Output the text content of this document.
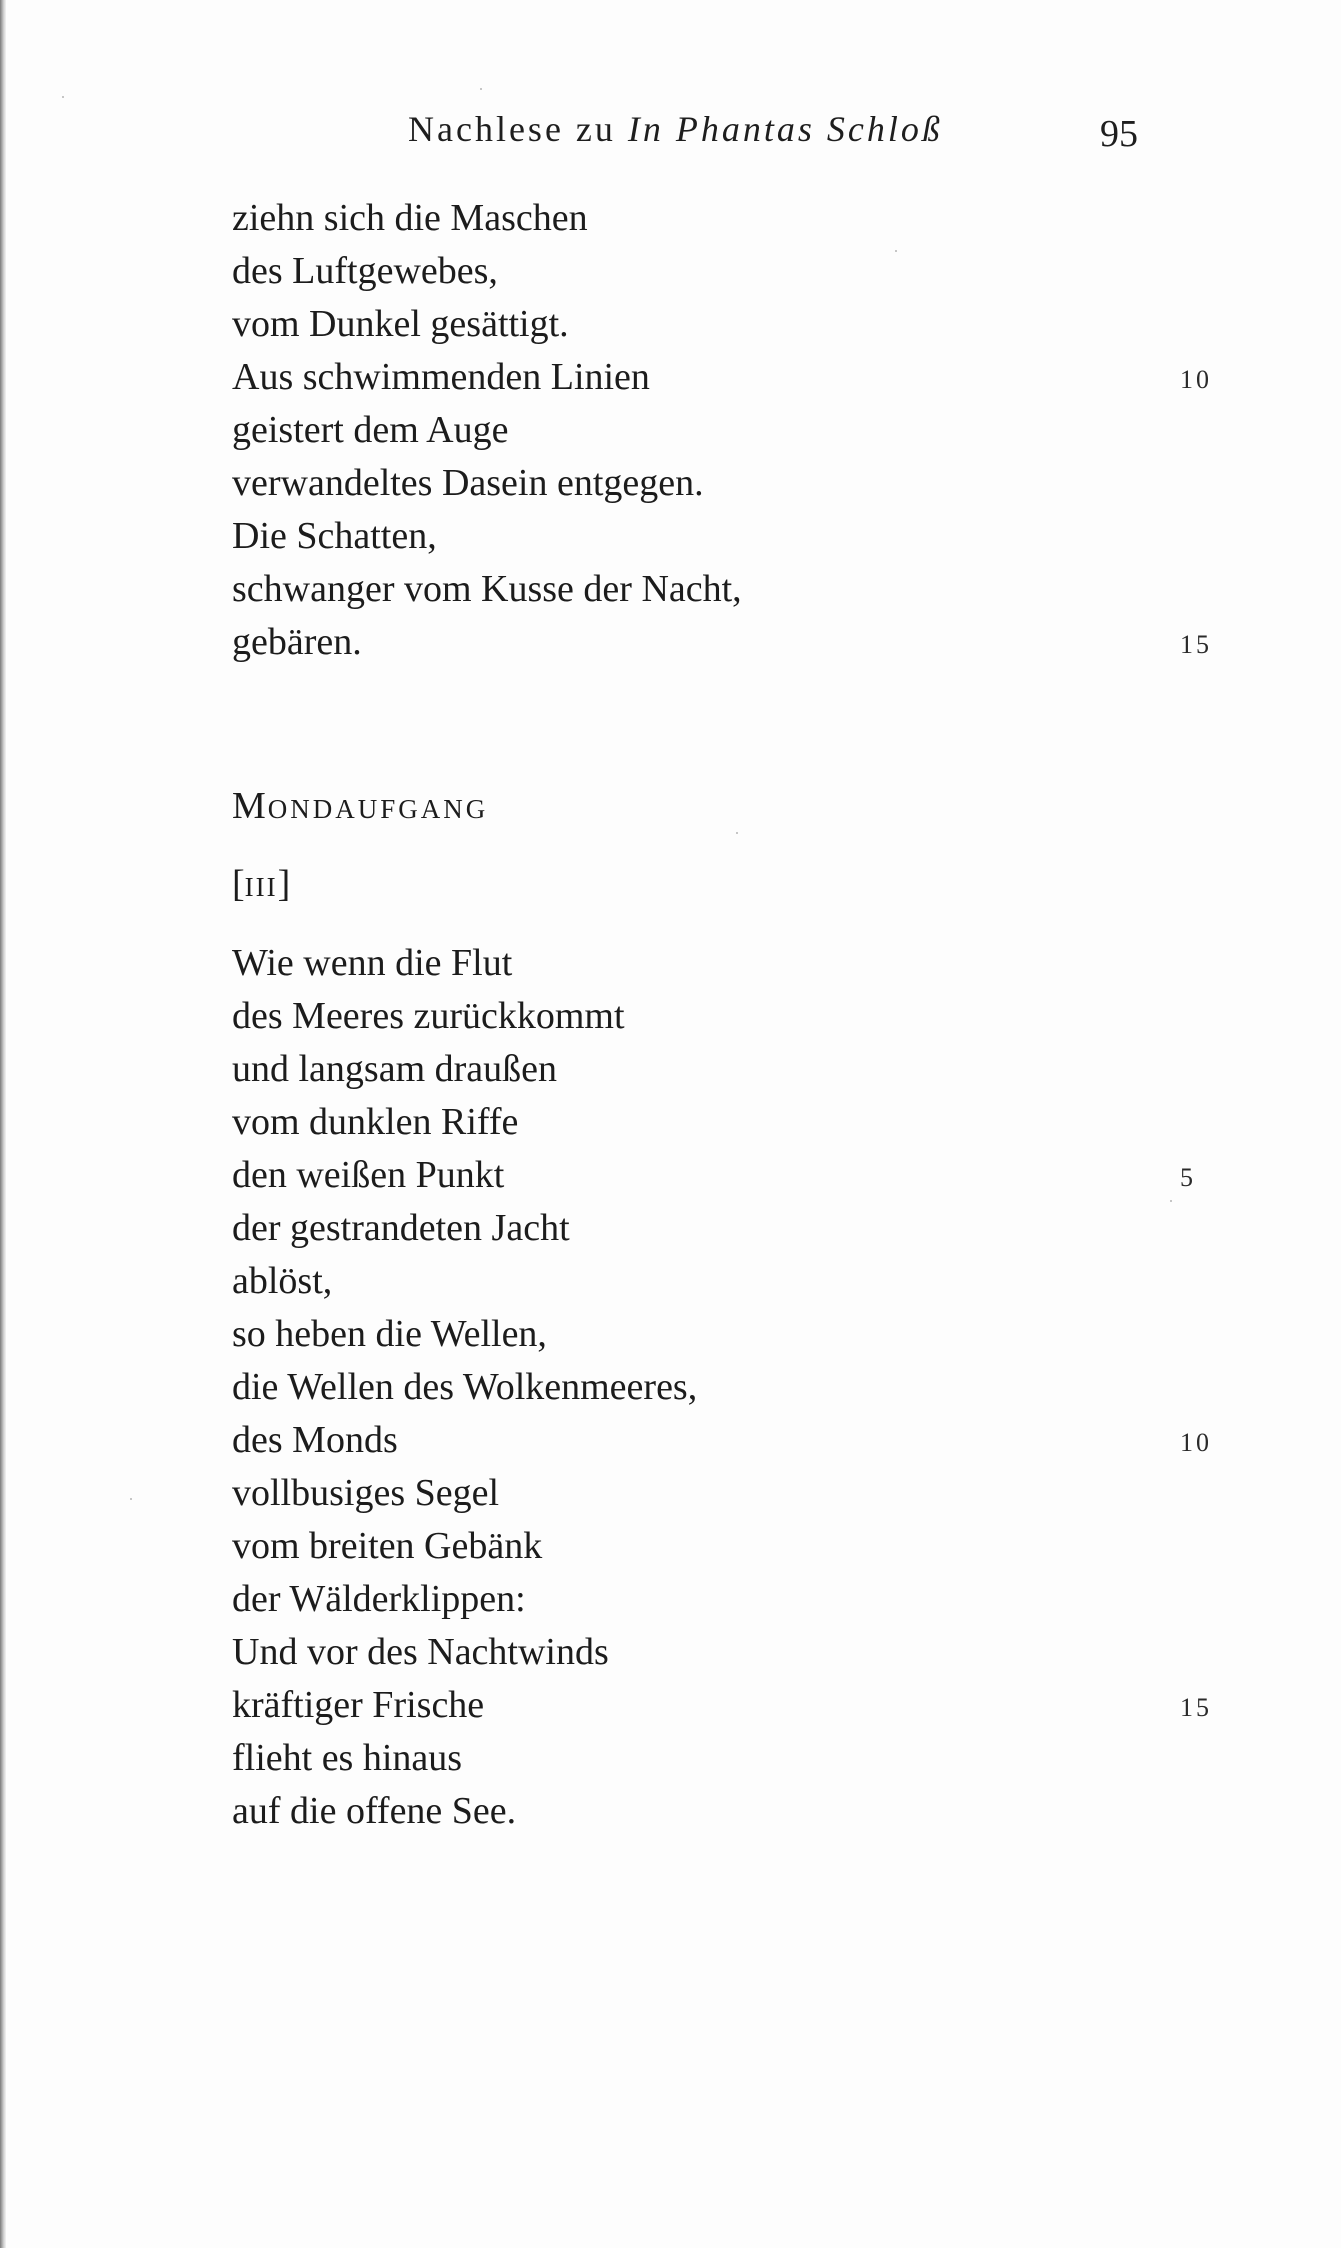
Nachlese zu In Phantas Schloß	95
ziehn sich die Maschen
des Luftgewebes,
vom Dunkel gesättigt.
Aus schwimmenden Linien	10
geistert dem Auge
verwandeltes Dasein entgegen.
Die Schatten,
schwanger vom Kusse der Nacht,
gebären.	15
MONDAUFGANG
[III]
Wie wenn die Flut
des Meeres zurückkommt
und langsam draußen
vom dunklen Riffe
den weißen Punkt	5
der gestrandeten Jacht
ablöst,
so heben die Wellen,
die Wellen des Wolkenmeeres,
des Monds	10
vollbusiges Segel
vom breiten Gebänk
der Wälderklippen:
Und vor des Nachtwinds
kräftiger Frische	15
flieht es hinaus
auf die offene See.
